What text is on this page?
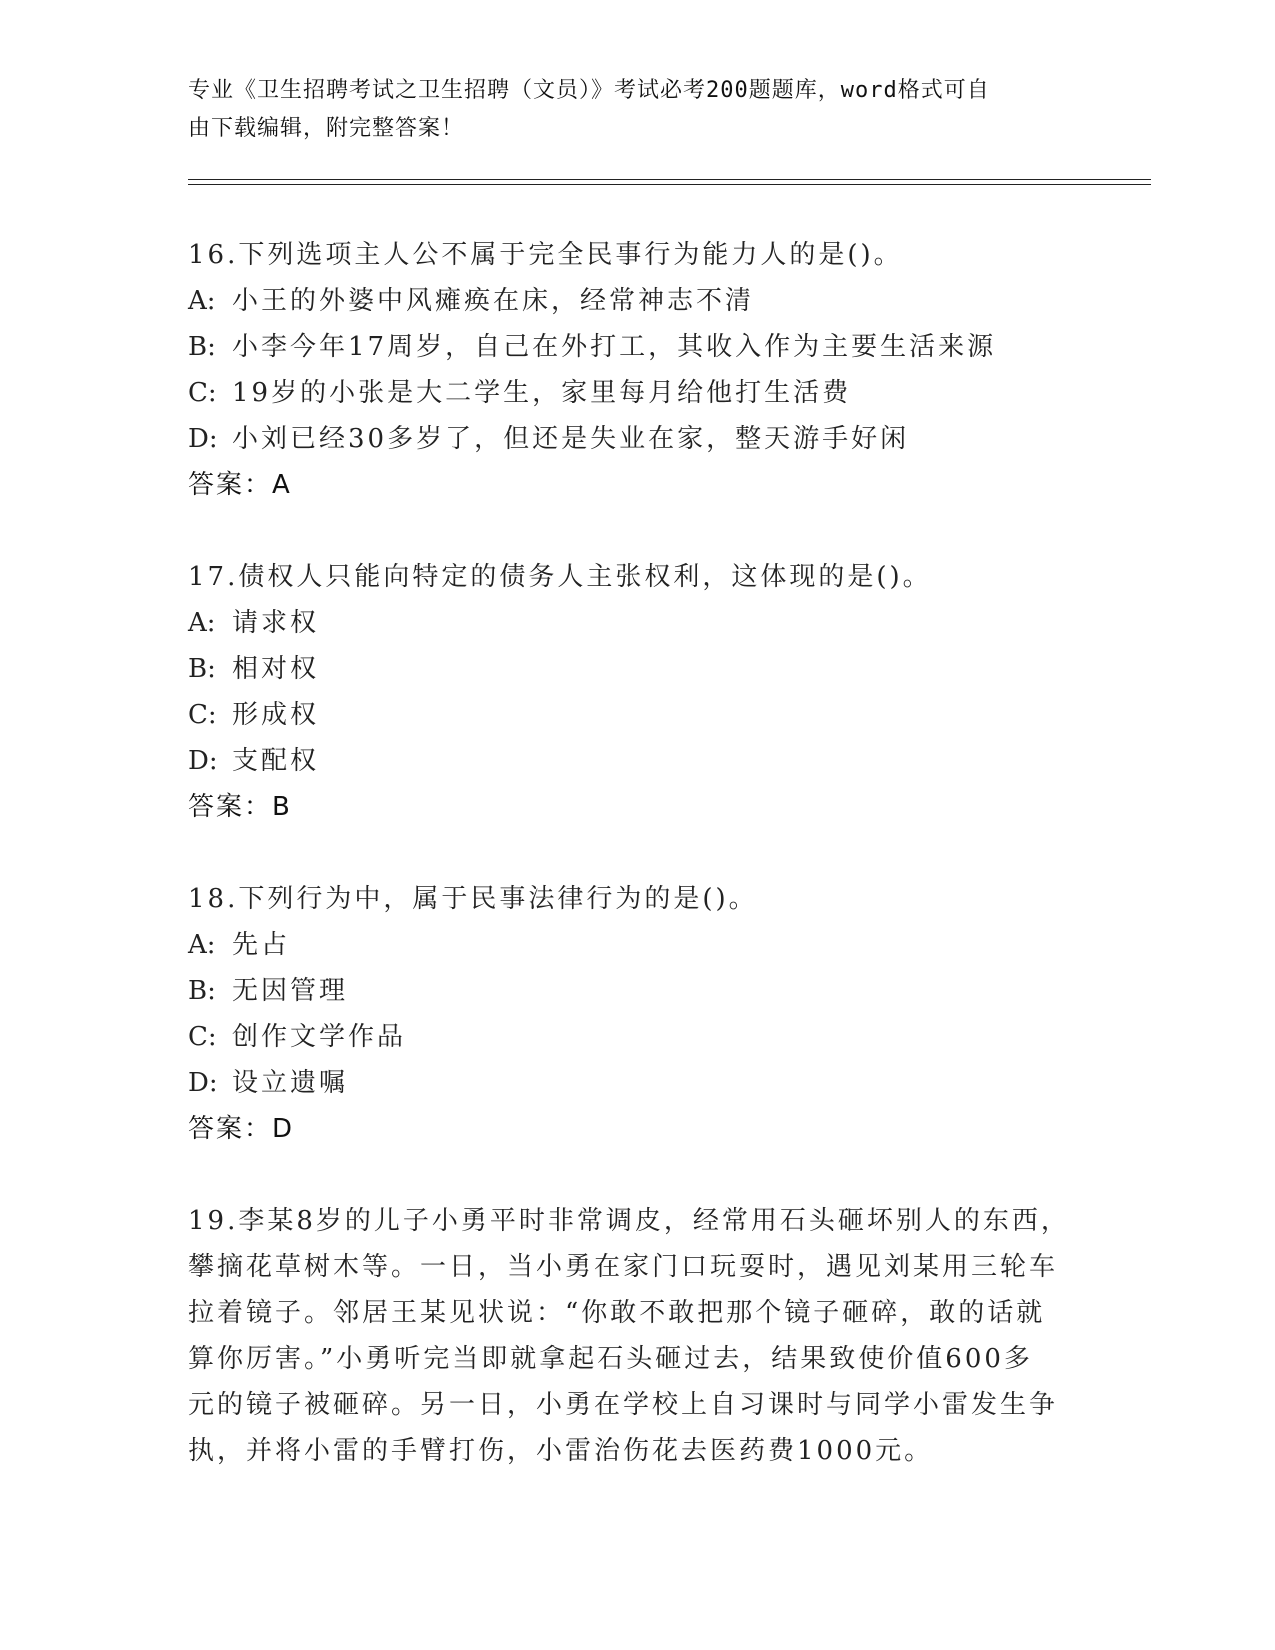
专业《卫生招聘考试之卫生招聘（文员）》考试必考200题题库，word格式可自
由下载编辑，附完整答案！
16.下列选项主人公不属于完全民事行为能力人的是()。
A: 小王的外婆中风瘫痪在床，经常神志不清
B: 小李今年17周岁，自己在外打工，其收入作为主要生活来源
C: 19岁的小张是大二学生，家里每月给他打生活费
D: 小刘已经30多岁了，但还是失业在家，整天游手好闲
答案：A
17.债权人只能向特定的债务人主张权利，这体现的是()。
A: 请求权
B: 相对权
C: 形成权
D: 支配权
答案：B
18.下列行为中，属于民事法律行为的是()。
A: 先占
B: 无因管理
C: 创作文学作品
D: 设立遗嘱
答案：D
19.李某8岁的儿子小勇平时非常调皮，经常用石头砸坏别人的东西，
攀摘花草树木等。一日，当小勇在家门口玩耍时，遇见刘某用三轮车
拉着镜子。邻居王某见状说：“你敢不敢把那个镜子砸碎，敢的话就
算你厉害。”小勇听完当即就拿起石头砸过去，结果致使价值600多
元的镜子被砸碎。另一日，小勇在学校上自习课时与同学小雷发生争
执，并将小雷的手臂打伤，小雷治伤花去医药费1000元。
